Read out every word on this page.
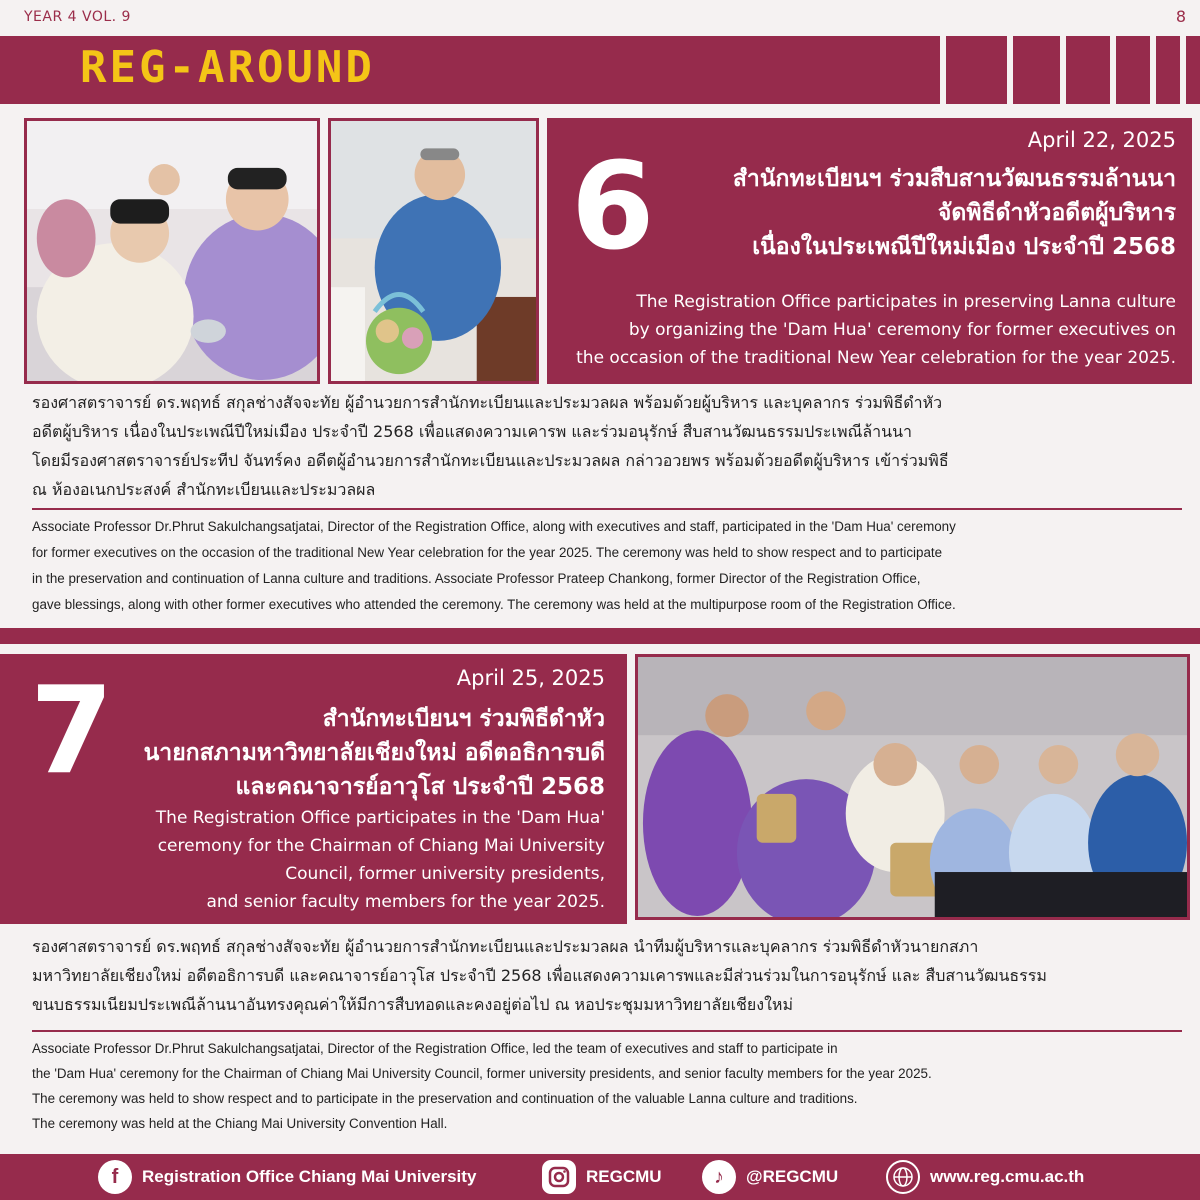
YEAR 4 VOL. 9	8
REG-AROUND
6	April 22, 2025
สำนักทะเบียนฯ ร่วมสืบสานวัฒนธรรมล้านนา
จัดพิธีดำหัวอดีตผู้บริหาร
เนื่องในประเพณีปีใหม่เมือง ประจำปี 2568
The Registration Office participates in preserving Lanna culture
by organizing the 'Dam Hua' ceremony for former executives on
the occasion of the traditional New Year celebration for the year 2025.
รองศาสตราจารย์ ดร.พฤทธ์ สกุลช่างสัจจะทัย ผู้อำนวยการสำนักทะเบียนและประมวลผล พร้อมด้วยผู้บริหาร และบุคลากร ร่วมพิธีดำหัว
อดีตผู้บริหาร เนื่องในประเพณีปีใหม่เมือง ประจำปี 2568 เพื่อแสดงความเคารพ และร่วมอนุรักษ์ สืบสานวัฒนธรรมประเพณีล้านนา
โดยมีรองศาสตราจารย์ประทีป จันทร์คง อดีตผู้อำนวยการสำนักทะเบียนและประมวลผล กล่าวอวยพร พร้อมด้วยอดีตผู้บริหาร เข้าร่วมพิธี
ณ ห้องอเนกประสงค์ สำนักทะเบียนและประมวลผล
Associate Professor Dr.Phrut Sakulchangsatjatai, Director of the Registration Office, along with executives and staff, participated in the 'Dam Hua' ceremony
for former executives on the occasion of the traditional New Year celebration for the year 2025. The ceremony was held to show respect and to participate
in the preservation and continuation of Lanna culture and traditions. Associate Professor Prateep Chankong, former Director of the Registration Office,
gave blessings, along with other former executives who attended the ceremony. The ceremony was held at the multipurpose room of the Registration Office.
7	April 25, 2025
สำนักทะเบียนฯ ร่วมพิธีดำหัว
นายกสภามหาวิทยาลัยเชียงใหม่ อดีตอธิการบดี
และคณาจารย์อาวุโส ประจำปี 2568
The Registration Office participates in the 'Dam Hua'
ceremony for the Chairman of Chiang Mai University
Council, former university presidents,
and senior faculty members for the year 2025.
รองศาสตราจารย์ ดร.พฤทธ์ สกุลช่างสัจจะทัย ผู้อำนวยการสำนักทะเบียนและประมวลผล นำทีมผู้บริหารและบุคลากร ร่วมพิธีดำหัวนายกสภา
มหาวิทยาลัยเชียงใหม่ อดีตอธิการบดี และคณาจารย์อาวุโส ประจำปี 2568 เพื่อแสดงความเคารพและมีส่วนร่วมในการอนุรักษ์ และ สืบสานวัฒนธรรม
ขนบธรรมเนียมประเพณีล้านนาอันทรงคุณค่าให้มีการสืบทอดและคงอยู่ต่อไป ณ หอประชุมมหาวิทยาลัยเชียงใหม่
Associate Professor Dr.Phrut Sakulchangsatjatai, Director of the Registration Office, led the team of executives and staff to participate in
the 'Dam Hua' ceremony for the Chairman of Chiang Mai University Council, former university presidents, and senior faculty members for the year 2025.
The ceremony was held to show respect and to participate in the preservation and continuation of the valuable Lanna culture and traditions.
The ceremony was held at the Chiang Mai University Convention Hall.
f	Registration Office Chiang Mai University	REGCMU	♪	@REGCMU	www.reg.cmu.ac.th
